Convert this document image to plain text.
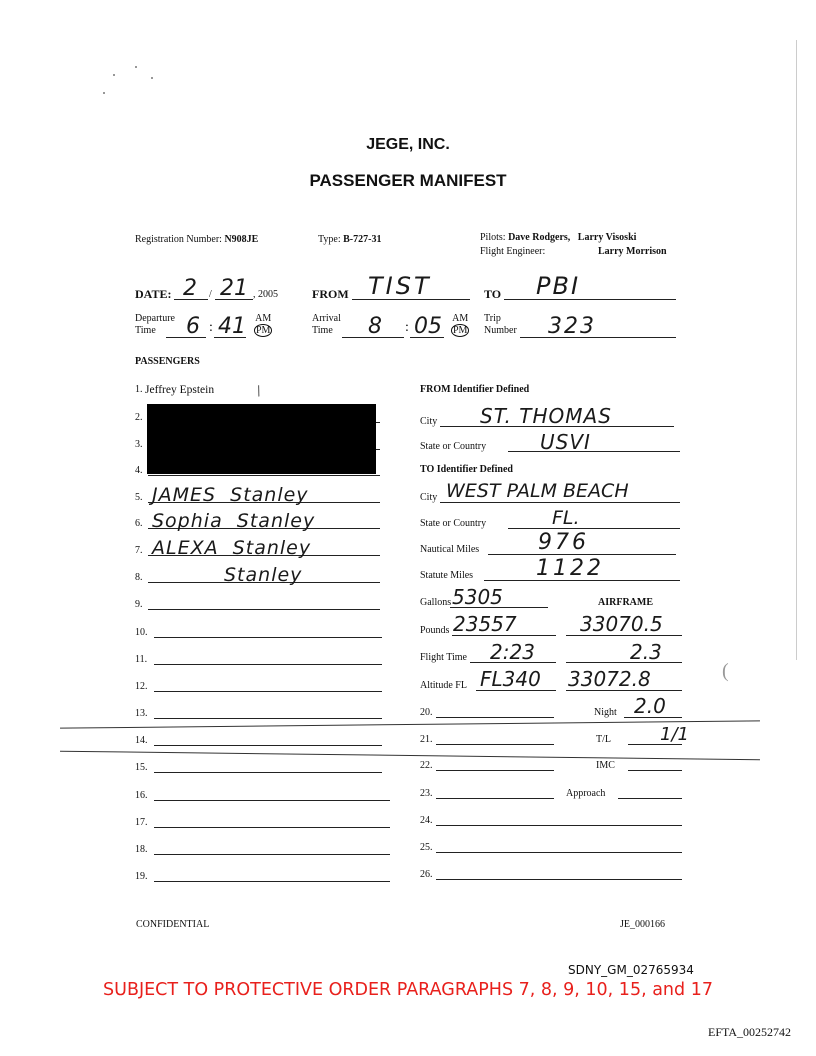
(
JEGE, INC.
PASSENGER MANIFEST
Registration Number: N908JE	Type: B-727-31	Pilots: Dave Rodgers,   Larry Visoski
Flight Engineer:	Larry Morrison
DATE: 2 / 21 , 2005	FROM TIST	TO PBI
Departure
Time	6 : 41 AM
PM
Arrival
Time	8 : 05 AM
PM
Trip
Number 323
PASSENGERS
1. Jeffrey Epstein
2.
3.
4.
5. JAMES  Stanley
6. Sophia  Stanley
7. ALEXA  Stanley
8.	Stanley
9.
10.
11.
12.
13.
14.
15.
16.
17.
18.
19.
/	FROM Identifier Defined
City ST. THOMAS
State or Country	USVI
TO Identifier Defined
City WEST PALM BEACH
State or Country	FL.
Nautical Miles	976
Statute Miles	1122
Gallons 5305	AIRFRAME
Pounds 23557	33070.5
Flight Time 2:23	2.3
Altitude FL FL340 33072.8
20.	Night 2.0
21.	T/L	1/1
22.	IMC
23.	Approach
24.
25.
26.
CONFIDENTIAL	JE_000166
SDNY_GM_02765934
SUBJECT TO PROTECTIVE ORDER PARAGRAPHS 7, 8, 9, 10, 15, and 17
EFTA_00252742
